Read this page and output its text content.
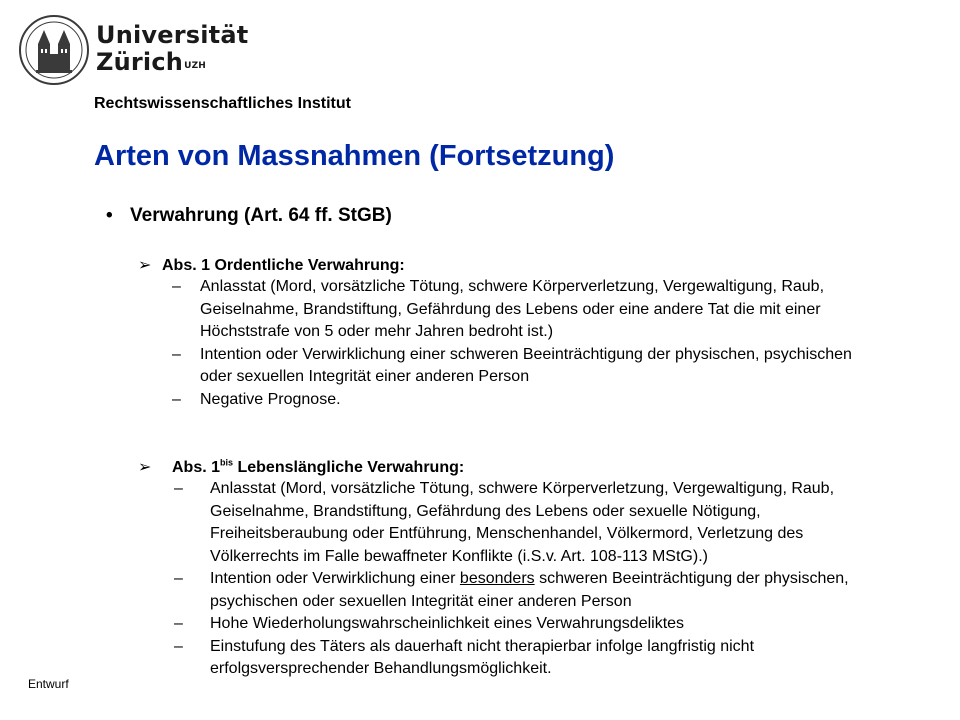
Universität
Zürich$^{UZH}$
Rechtswissenschaftliches Institut
Arten von Massnahmen (Fortsetzung)
• Verwahrung (Art. 64 ff. StGB)
➢ Abs. 1 Ordentliche Verwahrung:
– Anlasstat (Mord, vorsätzliche Tötung, schwere Körperverletzung, Vergewaltigung, Raub, Geiselnahme, Brandstiftung, Gefährdung des Lebens oder eine andere Tat die mit einer Höchststrafe von 5 oder mehr Jahren bedroht ist.)
– Intention oder Verwirklichung einer schweren Beeinträchtigung der physischen, psychischen oder sexuellen Integrität einer anderen Person
– Negative Prognose.
➢ Abs. $1^{bis}$ Lebenslängliche Verwahrung:
– Anlasstat (Mord, vorsätzliche Tötung, schwere Körperverletzung, Vergewaltigung, Raub, Geiselnahme, Brandstiftung, Gefährdung des Lebens oder sexuelle Nötigung, Freiheitsberaubung oder Entführung, Menschenhandel, Völkermord, Verletzung des Völkerrechts im Falle bewaffneter Konflikte (i.S.v. Art. 108-113 MStG).)
– Intention oder Verwirklichung einer besonders schweren Beeinträchtigung der physischen, psychischen oder sexuellen Integrität einer anderen Person
– Hohe Wiederholungswahrscheinlichkeit eines Verwahrungsdeliktes
– Einstufung des Täters als dauerhaft nicht therapierbar infolge langfristig nicht erfolgsversprechender Behandlungsmöglichkeit.
Entwurf
